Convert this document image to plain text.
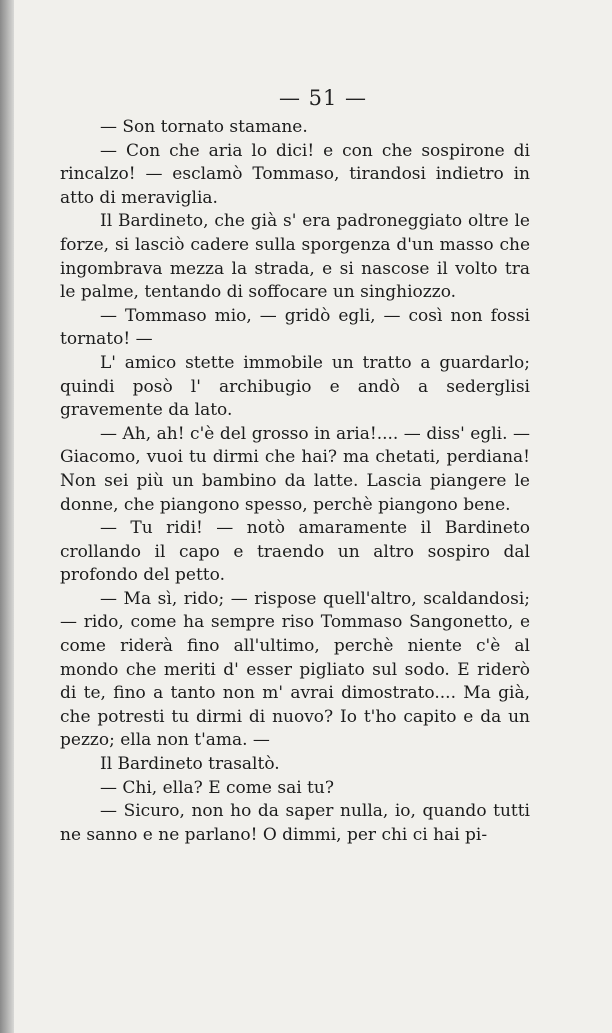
— 51 —

— Son tornato stamane.

— Con che aria lo dici! e con che sospirone di rincalzo! — esclamò Tommaso, tirandosi indietro in atto di meraviglia.

Il Bardineto, che già s' era padroneggiato oltre le forze, si lasciò cadere sulla sporgenza d'un masso che ingombrava mezza la strada, e si nascose il volto tra le palme, tentando di soffocare un singhiozzo.

— Tommaso mio, — gridò egli, — così non fossi tornato! —

L' amico stette immobile un tratto a guardarlo; quindi posò l' archibugio e andò a sederglisi gravemente da lato.

— Ah, ah! c'è del grosso in aria!.... — diss' egli. — Giacomo, vuoi tu dirmi che hai? ma chetati, perdiana! Non sei più un bambino da latte. Lascia piangere le donne, che piangono spesso, perchè piangono bene.

— Tu ridi! — notò amaramente il Bardineto crollando il capo e traendo un altro sospiro dal profondo del petto.

— Ma sì, rido; — rispose quell'altro, scaldandosi; — rido, come ha sempre riso Tommaso Sangonetto, e come riderà fino all'ultimo, perchè niente c'è al mondo che meriti d' esser pigliato sul sodo. E riderò di te, fino a tanto non m' avrai dimostrato.... Ma già, che potresti tu dirmi di nuovo? Io t'ho capito e da un pezzo; ella non t'ama. —

Il Bardineto trasaltò.

— Chi, ella? E come sai tu?

— Sicuro, non ho da saper nulla, io, quando tutti ne sanno e ne parlano! O dimmi, per chi ci hai pi-
